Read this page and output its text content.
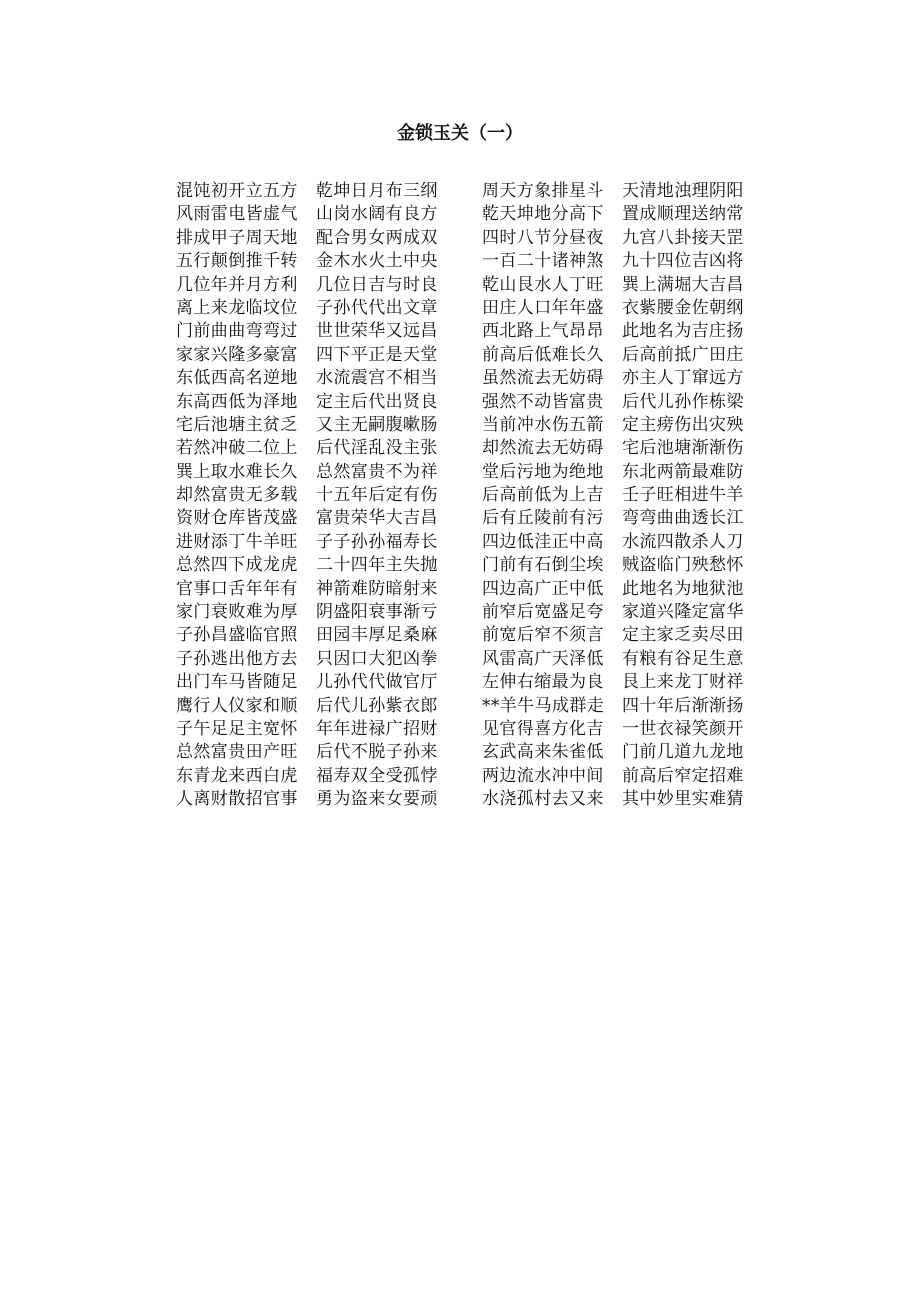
金锁玉关（一）
混饨初开立五方 乾坤日月布三纲	周天方象排星斗 天清地浊理阴阳
风雨雷电皆虚气 山岗水阔有良方	乾天坤地分高下 置成顺理送纳常
排成甲子周天地 配合男女两成双	四时八节分昼夜 九宫八卦接天罡
五行颠倒推千转 金木水火土中央	一百二十诸神煞 九十四位吉凶将
几位年并月方利 几位日吉与时良	乾山艮水人丁旺 巽上满堀大吉昌
离上来龙临坟位 子孙代代出文章	田庄人口年年盛 衣紫腰金佐朝纲
门前曲曲弯弯过 世世荣华又远昌	西北路上气昂昂 此地名为吉庄扬
家家兴隆多豪富 四下平正是天堂	前高后低难长久 后高前抵广田庄
东低西高名逆地 水流震宫不相当	虽然流去无妨碍 亦主人丁窜远方
东高西低为泽地 定主后代出贤良	强然不动皆富贵 后代儿孙作栋梁
宅后池塘主贫乏 又主无嗣腹嗽肠	当前冲水伤五箭 定主痨伤出灾殃
若然冲破二位上 后代淫乱没主张	却然流去无妨碍 宅后池塘渐渐伤
巽上取水难长久 总然富贵不为祥	堂后污地为绝地 东北两箭最难防
却然富贵无多载 十五年后定有伤	后高前低为上吉 壬子旺相进牛羊
资财仓库皆茂盛 富贵荣华大吉昌	后有丘陵前有污 弯弯曲曲透长江
进财添丁牛羊旺 子子孙孙福寿长	四边低洼正中高 水流四散杀人刀
总然四下成龙虎 二十四年主失抛	门前有石倒尘埃 贼盗临门殃愁怀
官事口舌年年有 神箭难防暗射来	四边高广正中低 此地名为地狱池
家门衰败难为厚 阴盛阳衰事渐亏	前窄后宽盛足夸 家道兴隆定富华
子孙昌盛临官照 田园丰厚足桑麻	前宽后窄不须言 定主家乏卖尽田
子孙逃出他方去 只因口大犯凶拳	风雷高广天泽低 有粮有谷足生意
出门车马皆随足 儿孙代代做官厅	左伸右缩最为良 艮上来龙丁财祥
鹰行人仪家和顺 后代儿孙紫衣郎	**羊牛马成群走 四十年后渐渐扬
子午足足主宽怀 年年进禄广招财	见官得喜方化吉 一世衣禄笑颜开
总然富贵田产旺 后代不脱子孙来	玄武高来朱雀低 门前几道九龙地
东青龙来西白虎 福寿双全受孤悖	两边流水冲中间 前高后窄定招难
人离财散招官事 勇为盗来女要顽	水浇孤村去又来 其中妙里实难猜
